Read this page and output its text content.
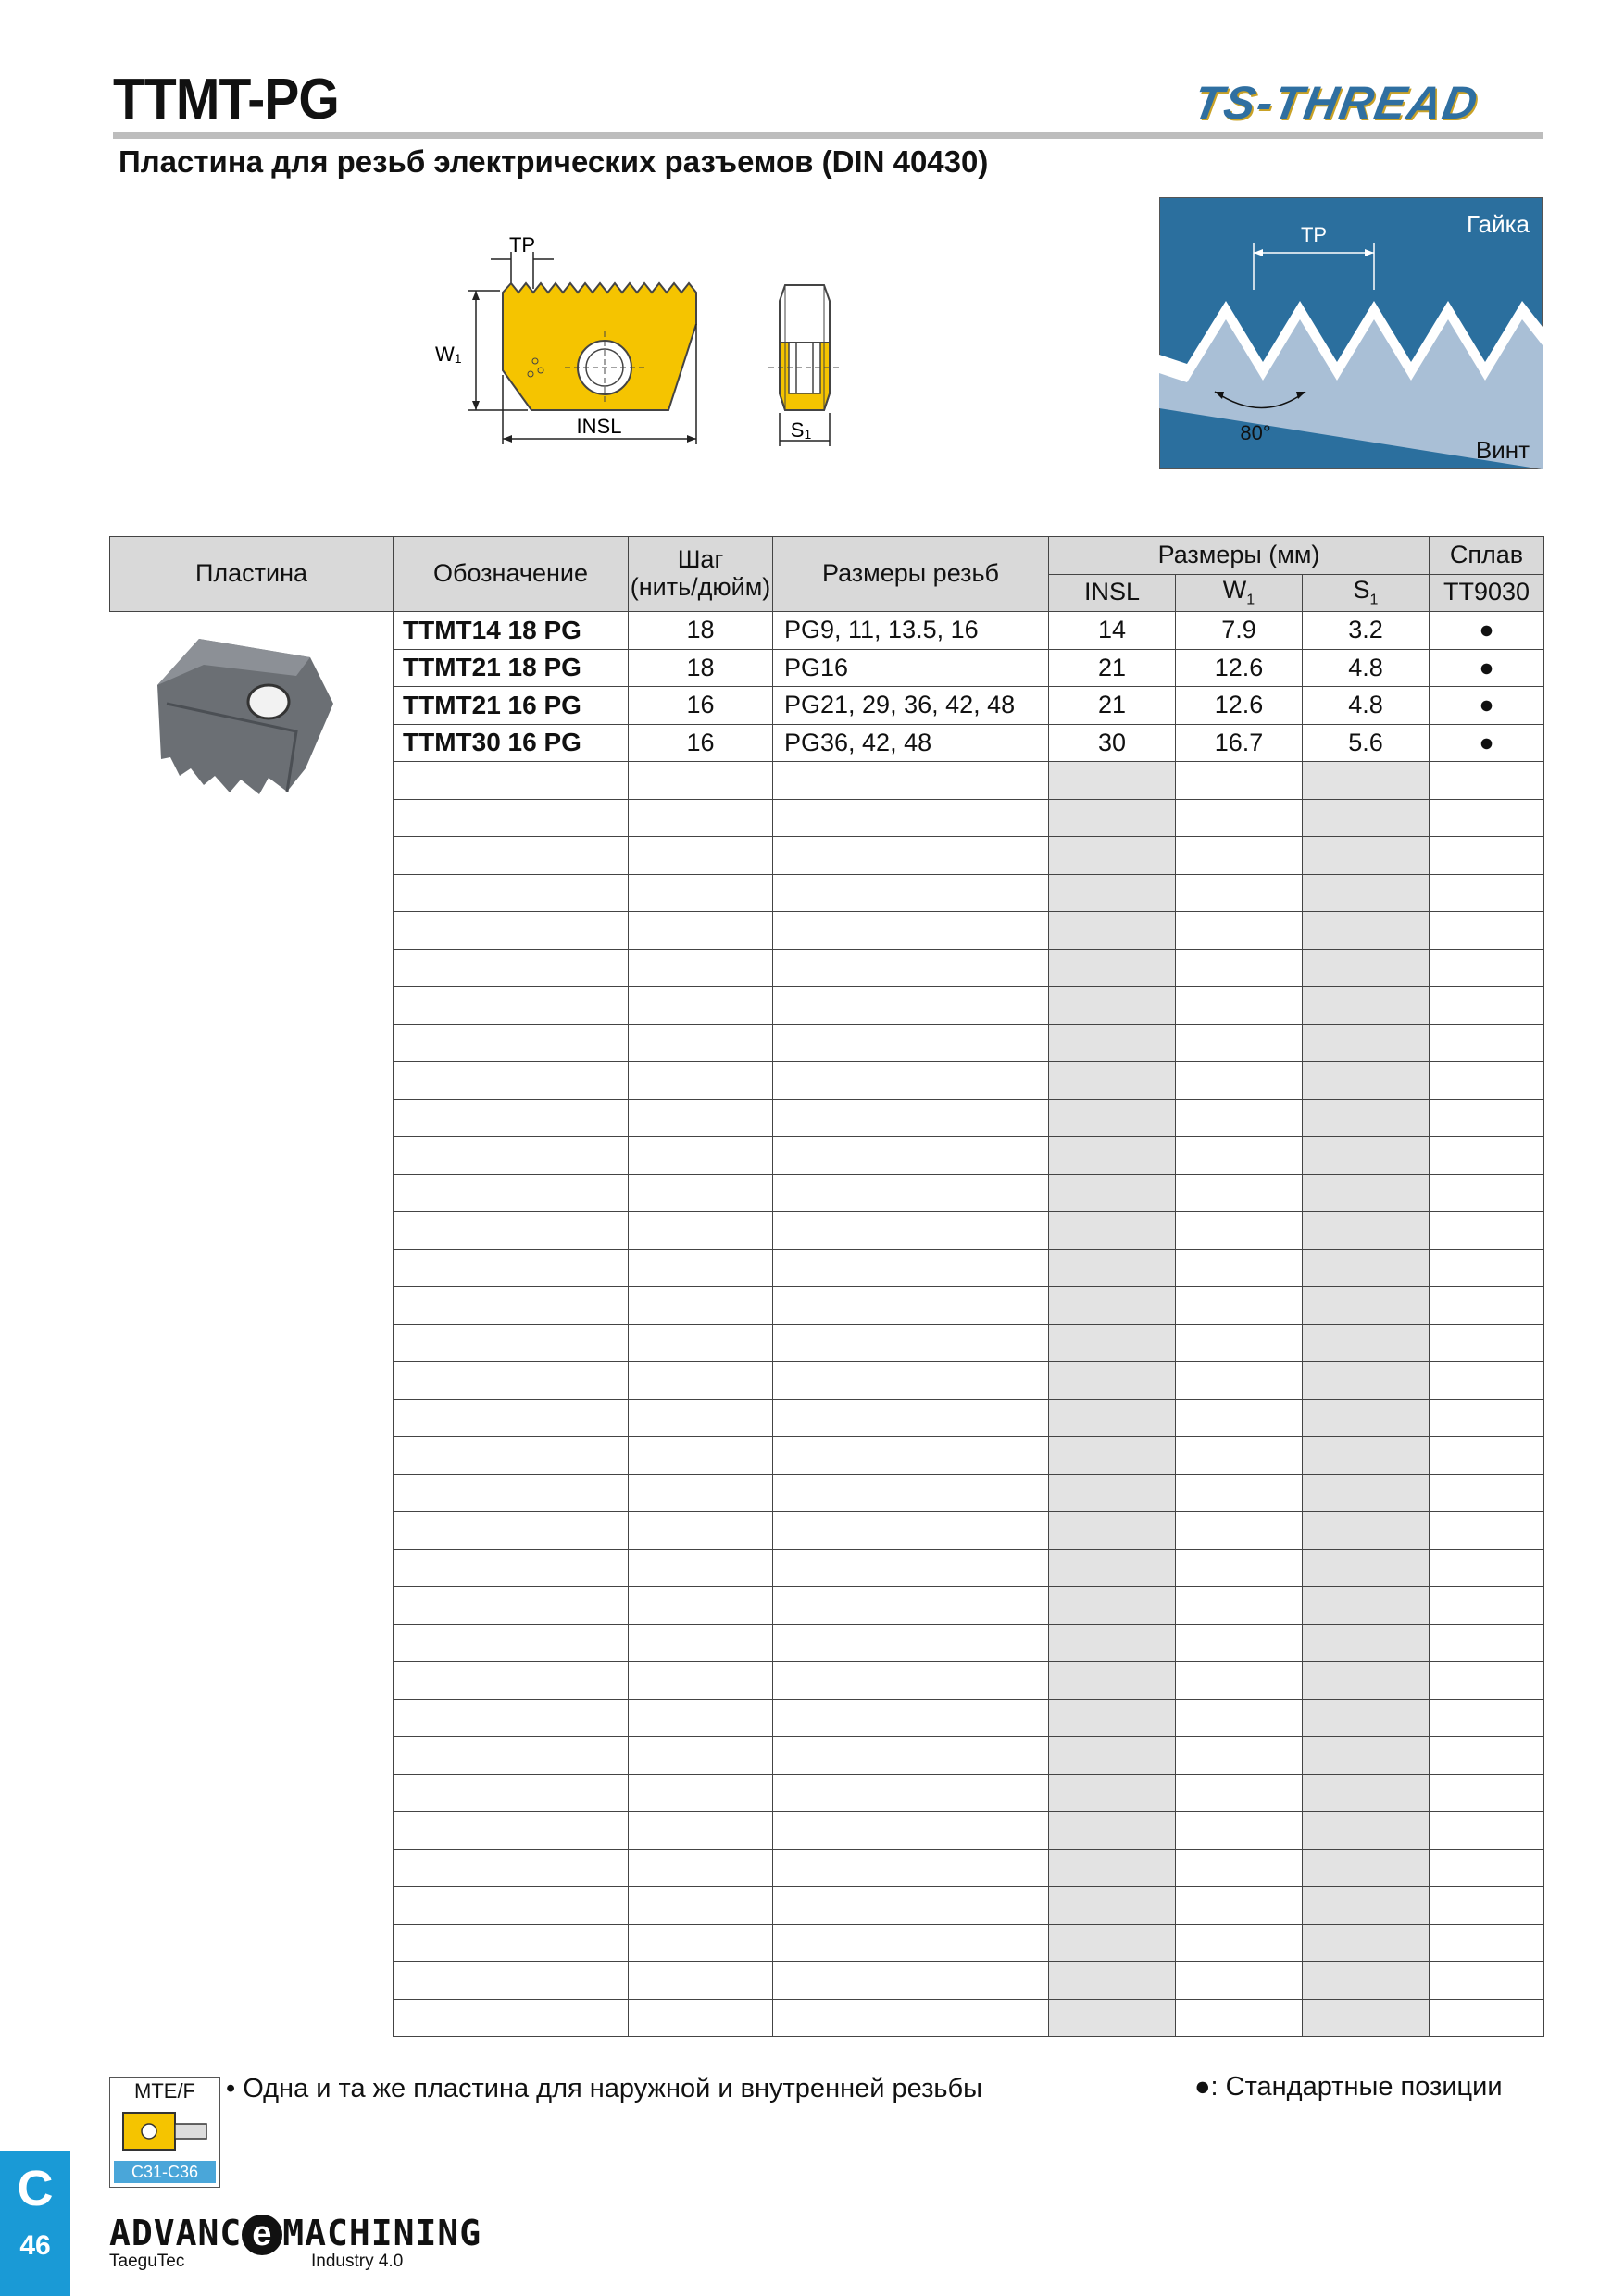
TTMT-PG	TS-THREAD
Пластина для резьб электрических разъемов (DIN 40430)
TP
W1
INSL	S1
TP	Гайка
Винт
80°
Пластина	Обозначение	Шаг
(нить/дюйм)	Размеры резьб	Размеры (мм)			Сплав
				INSL	$W_1$	$S_1$	TT9030
	TTMT14 18 PG	18	PG9, 11, 13.5, 16	14	7.9	3.2	●
	TTMT21 18 PG	18	PG16	21	12.6	4.8	●
	TTMT21 16 PG	16	PG21, 29, 36, 42, 48	21	12.6	4.8	●
	TTMT30 16 PG	16	PG36, 42, 48	30	16.7	5.6	●

MTE/F
C31-C36
• Одна и та же пластина для наружной и внутренней резьбы	●: Стандартные позиции
C
46	ADVANC e MACHINING
TaeguTec	Industry 4.0
